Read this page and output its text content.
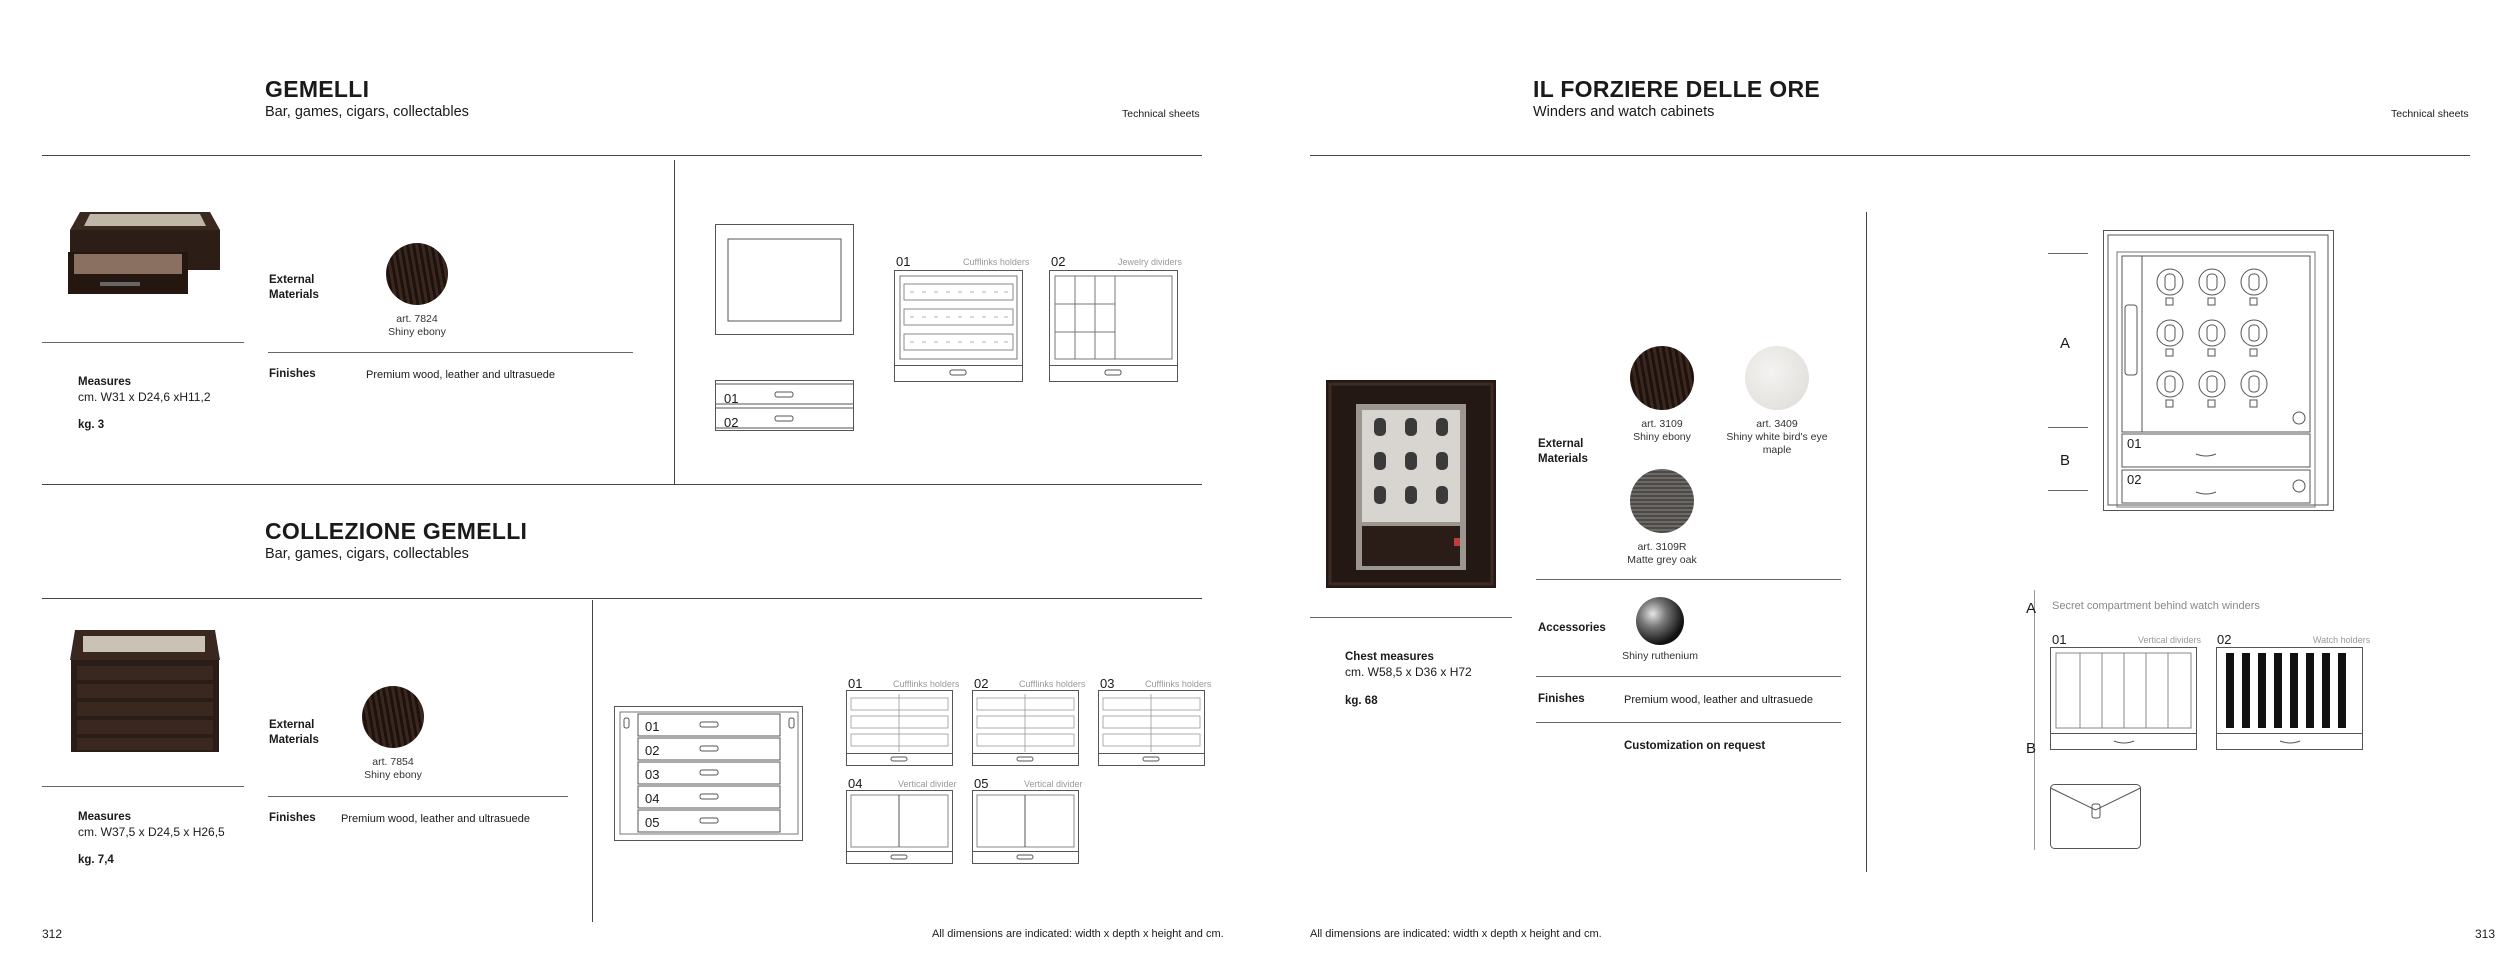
GEMELLI
Bar, games, cigars, collectables	Technical sheets
External
Materials
art. 7824
Shiny ebony
Finishes	Premium wood, leather and ultrasuede
Measures
cm. W31 x D24,6 xH11,2
kg. 3
01
02
01	Cufflinks holders 02	Jewelry dividers
COLLEZIONE GEMELLI
Bar, games, cigars, collectables
External
Materials
art. 7854
Shiny ebony
Finishes Premium wood, leather and ultrasuede
Measures
cm. W37,5 x D24,5 x H26,5
kg. 7,4
01
02
03
04
05
01	Cufflinks holders 02	Cufflinks holders 03	Cufflinks holders
04	Vertical divider 05	Vertical divider
312	All dimensions are indicated: width x depth x height and cm.
IL FORZIERE DELLE ORE
Winders and watch cabinets	Technical sheets
Chest measures
cm. W58,5 x D36 x H72
kg. 68
External
Materials
art. 3109
Shiny ebony
art. 3409
Shiny white bird's eye
maple
art. 3109R
Matte grey oak
Accessories
Shiny ruthenium
Finishes	Premium wood, leather and ultrasuede
Customization on request
A
B
01
02
A
B
Secret compartment behind watch winders
01	Vertical dividers 02	Watch holders
All dimensions are indicated: width x depth x height and cm.	313
